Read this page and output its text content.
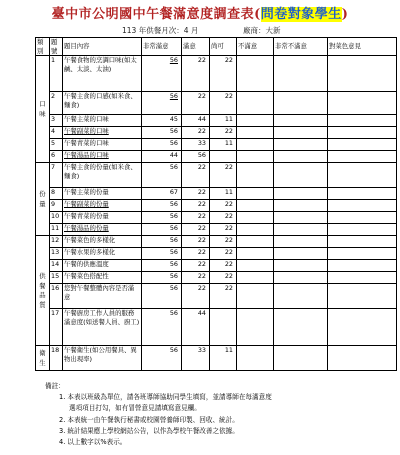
臺中市公明國中午餐滿意度調查表(問卷對象學生)
113 年供餐月次：4 月	廠商：大新
類別	題號	題目內容	非常滿意	滿意	尚可	不滿意	非常不滿意	對菜色意見

口
味	1	午餐食物的烹調口味(如太鹹、太淡、太油)	56	22	22			
	2	午餐主食的口感(如米食、麵食)	56	22	22			
	3	午餐主菜的口味	45	44	11			
	4	午餐副菜的口味	56	22	22			
	5	午餐青菜的口味	56	33	11			
	6	午餐湯品的口味	44	56				

份
量	7	午餐主食的份量(如米食、麵食)	56	22	22			
	8	午餐主菜的份量	67	22	11			
	9	午餐副菜的份量	56	22	22			
	10	午餐青菜的份量	56	22	22			
	11	午餐湯品的份量	56	22	22			

供
餐
品
質	12	午餐菜色的多樣化	56	22	22			
	13	午餐水果的多樣化	56	22	22			
	14	午餐的供應溫度	56	22	22			
	15	午餐菜色搭配性	56	22	22			
	16	您對午餐整體內容是否滿意	56	22	22			
	17	午餐廚房工作人員的服務滿意度(如送餐人員、廚工)	56	44				

衛
生	18	午餐衛生(如公用餐具、異物出現率)	56	33	11			
備註：
1. 本表以班級為單位，請各班導師協助同學生填寫，並請導師在每滿意度
選項項目打勾，如有冒營意見請填寫意見欄。
2. 本表統一由午餐執行秘書或校園營養師印製、回收、統計。
3. 統計結果應上學校網站公告，以作為學校午餐改善之依據。
4. 以上數字以%表示。
